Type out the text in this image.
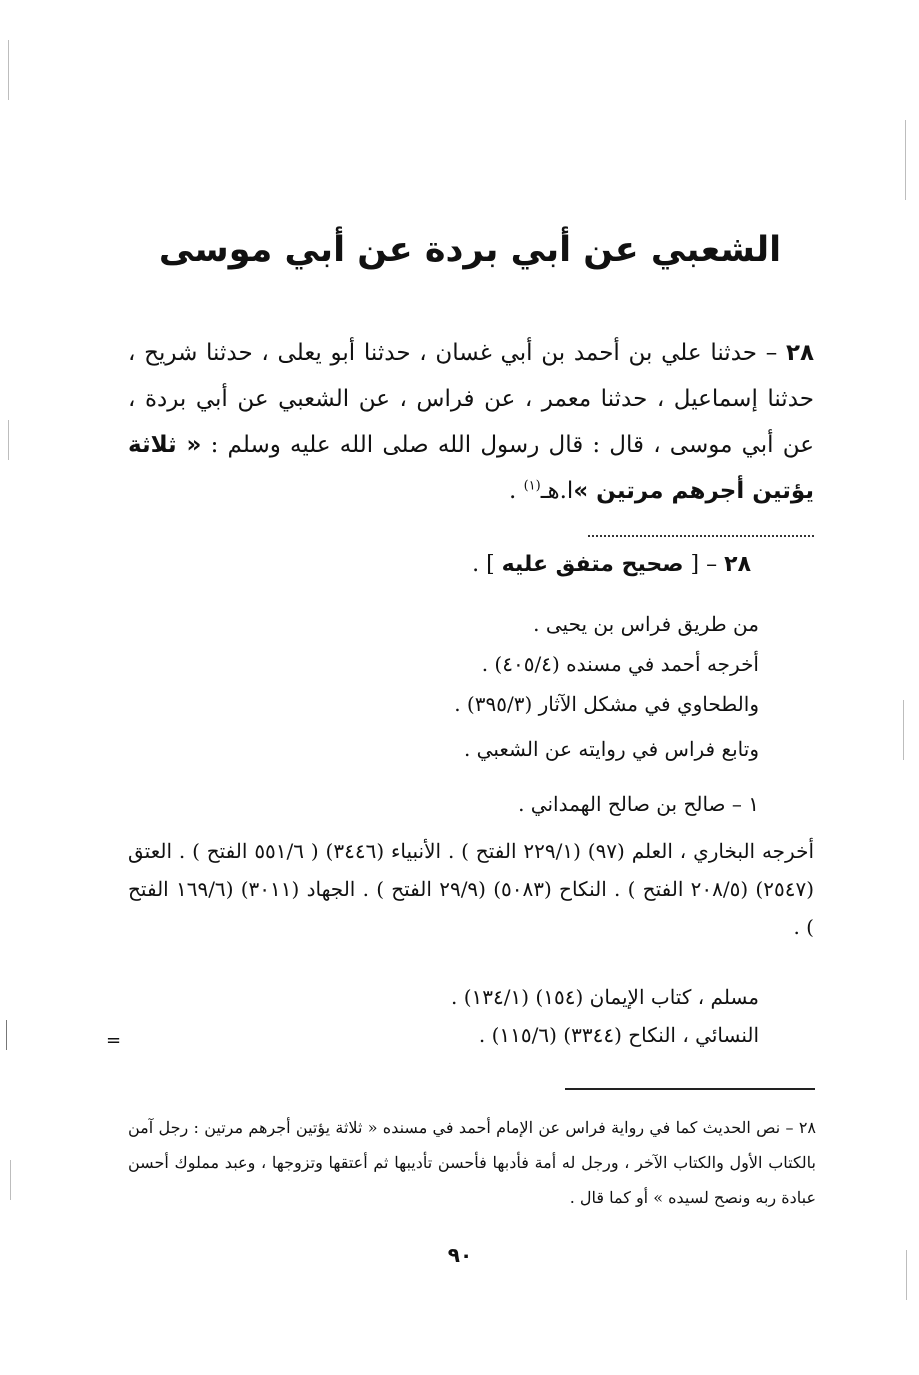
الشعبي عن أبي بردة عن أبي موسى

٢٨ – حدثنا علي بن أحمد بن أبي غسان ، حدثنا أبو يعلى ، حدثنا شريح ، حدثنا إسماعيل ، حدثنا معمر ، عن فراس ، عن الشعبي عن أبي بردة ، عن أبي موسى ، قال : قال رسول الله صلى الله عليه وسلم : « ثلاثة يؤتين أجرهم مرتين »ا.هـ$^{(١)}$ .

٢٨ – [ صحيح متفق عليه ] .
من طريق فراس بن يحيى .
أخرجه أحمد في مسنده (٤٠٥/٤) .
والطحاوي في مشكل الآثار (٣٩٥/٣) .
وتابع فراس في روايته عن الشعبي .
١ – صالح بن صالح الهمداني .
أخرجه البخاري ، العلم (٩٧) (٢٢٩/١ الفتح ) . الأنبياء (٣٤٤٦) ( ٥٥١/٦ الفتح ) . العتق (٢٥٤٧) (٢٠٨/٥ الفتح ) . النكاح (٥٠٨٣) (٢٩/٩ الفتح ) . الجهاد (٣٠١١) (١٦٩/٦ الفتح ) .
مسلم ، كتاب الإيمان (١٥٤) (١٣٤/١) .
النسائي ، النكاح (٣٣٤٤) (١١٥/٦) .
=

٢٨ – نص الحديث كما في رواية فراس عن الإمام أحمد في مسنده « ثلاثة يؤتين أجرهم مرتين : رجل آمن بالكتاب الأول والكتاب الآخر ، ورجل له أمة فأدبها فأحسن تأديبها ثم أعتقها وتزوجها ، وعبد مملوك أحسن عبادة ربه ونصح لسيده » أو كما قال .

٩٠
